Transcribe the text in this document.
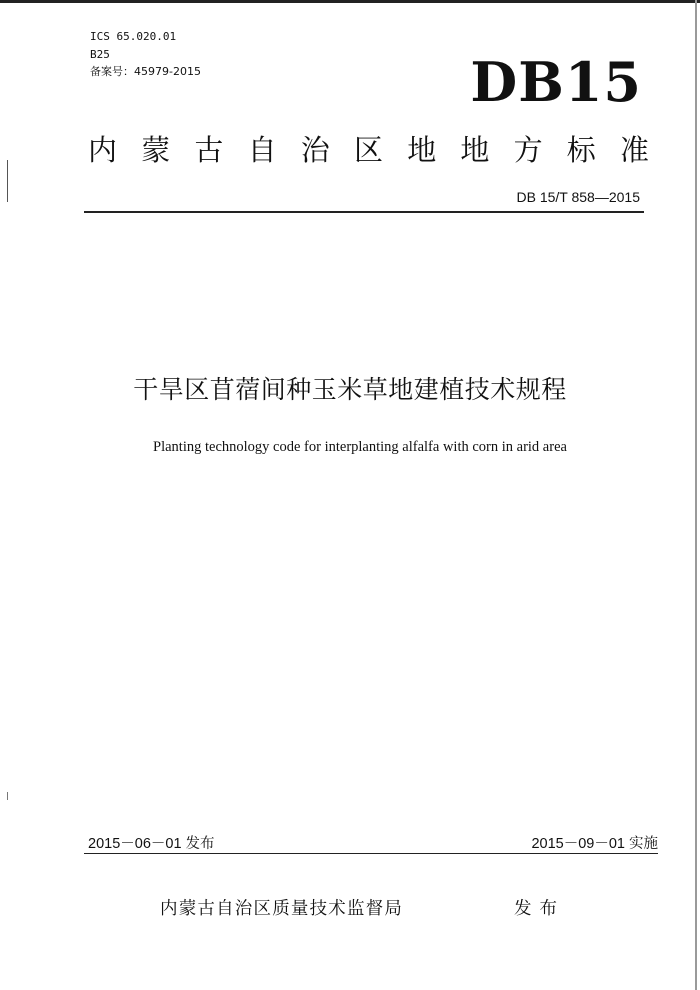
ICS 65.020.01
B25
备案号：45979-2015	DB15
内蒙古自治区地地方标准
DB 15/T 858—2015
干旱区苜蓿间种玉米草地建植技术规程
Planting technology code for interplanting alfalfa with corn in arid area
2015－06－01 发布	2015－09－01 实施
内蒙古自治区质量技术监督局	发布
